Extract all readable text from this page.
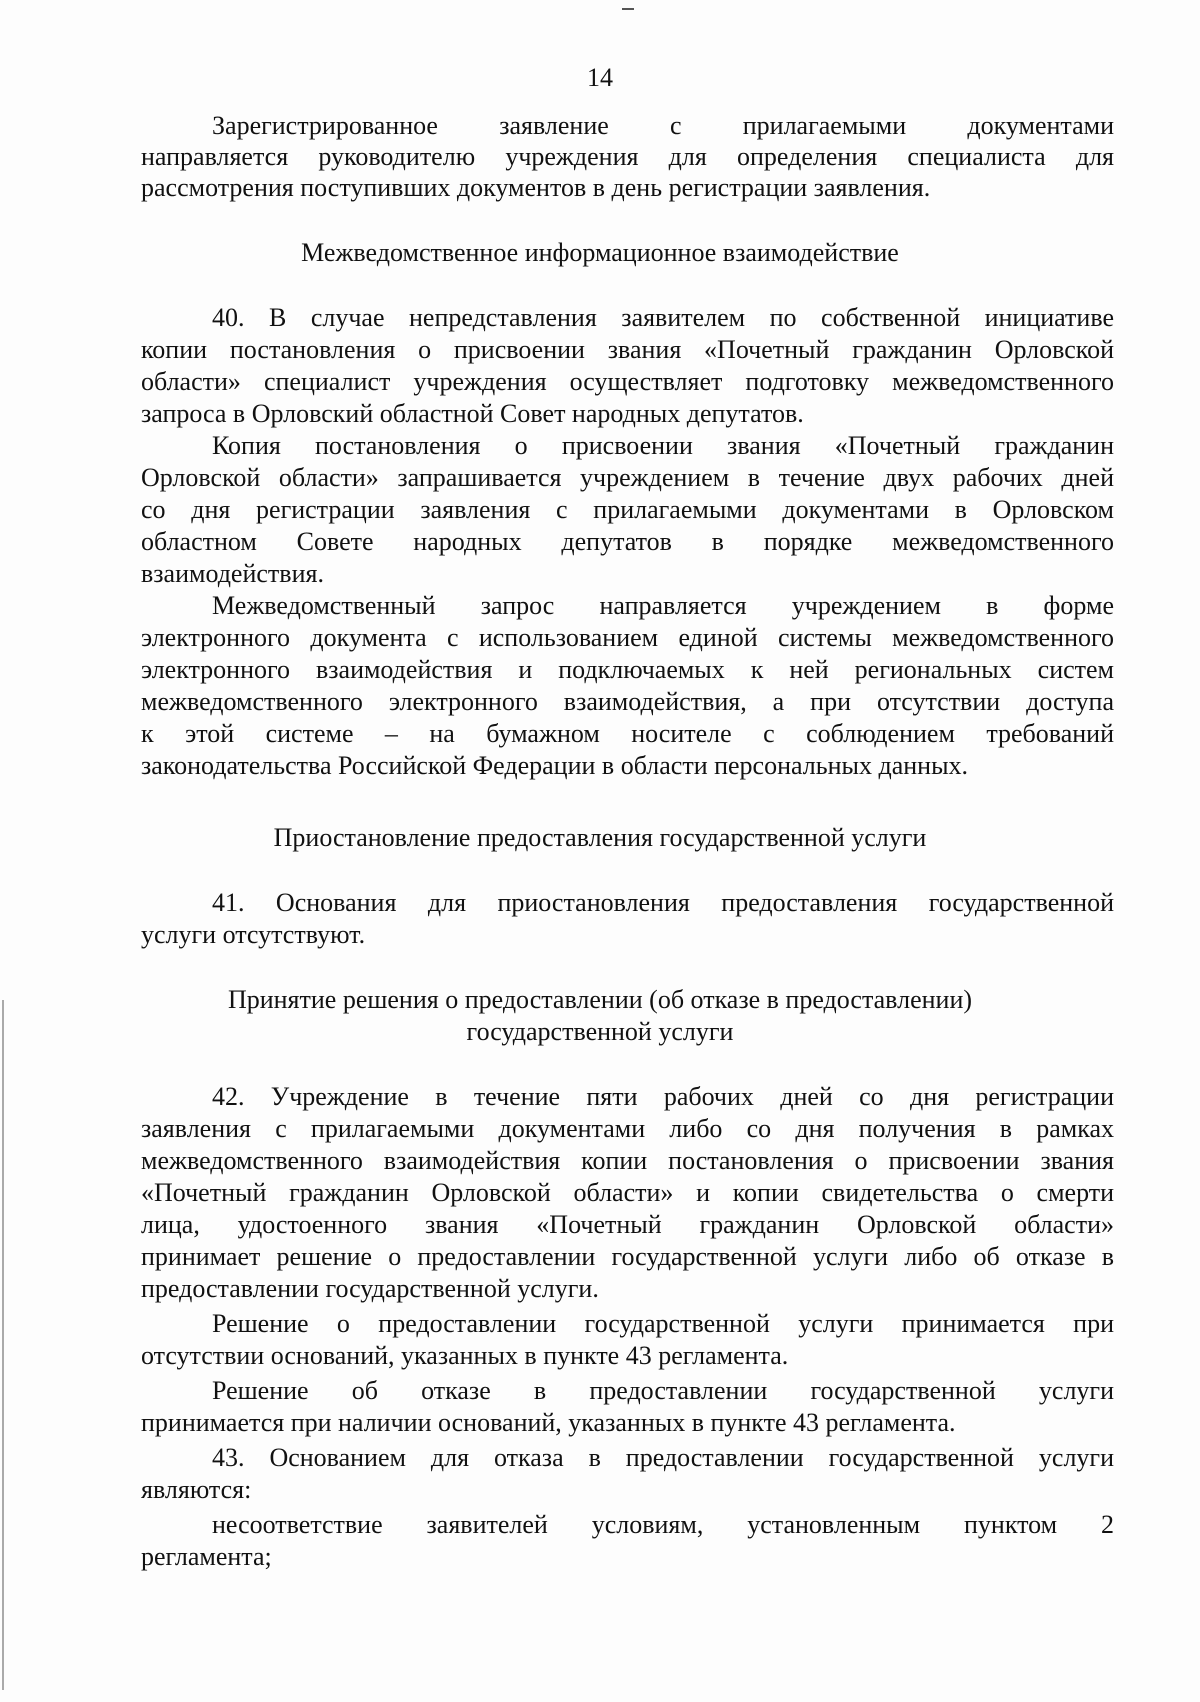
14
Зарегистрированное заявление с прилагаемыми документами
направляется руководителю учреждения для определения специалиста для
рассмотрения поступивших документов в день регистрации заявления.
Межведомственное информационное взаимодействие
40. В случае непредставления заявителем по собственной инициативе
копии постановления о присвоении звания «Почетный гражданин Орловской
области» специалист учреждения осуществляет подготовку межведомственного
запроса в Орловский областной Совет народных депутатов.
Копия постановления о присвоении звания «Почетный гражданин
Орловской области» запрашивается учреждением в течение двух рабочих дней
со дня регистрации заявления с прилагаемыми документами в Орловском
областном Совете народных депутатов в порядке межведомственного
взаимодействия.
Межведомственный запрос направляется учреждением в форме
электронного документа с использованием единой системы межведомственного
электронного взаимодействия и подключаемых к ней региональных систем
межведомственного электронного взаимодействия, а при отсутствии доступа
к этой системе – на бумажном носителе с соблюдением требований
законодательства Российской Федерации в области персональных данных.
Приостановление предоставления государственной услуги
41. Основания для приостановления предоставления государственной
услуги отсутствуют.
Принятие решения о предоставлении (об отказе в предоставлении)
государственной услуги
42. Учреждение в течение пяти рабочих дней со дня регистрации
заявления с прилагаемыми документами либо со дня получения в рамках
межведомственного взаимодействия копии постановления о присвоении звания
«Почетный гражданин Орловской области» и копии свидетельства о смерти
лица, удостоенного звания «Почетный гражданин Орловской области»
принимает решение о предоставлении государственной услуги либо об отказе в
предоставлении государственной услуги.
Решение о предоставлении государственной услуги принимается при
отсутствии оснований, указанных в пункте 43 регламента.
Решение об отказе в предоставлении государственной услуги
принимается при наличии оснований, указанных в пункте 43 регламента.
43. Основанием для отказа в предоставлении государственной услуги
являются:
несоответствие заявителей условиям, установленным пунктом 2
регламента;
